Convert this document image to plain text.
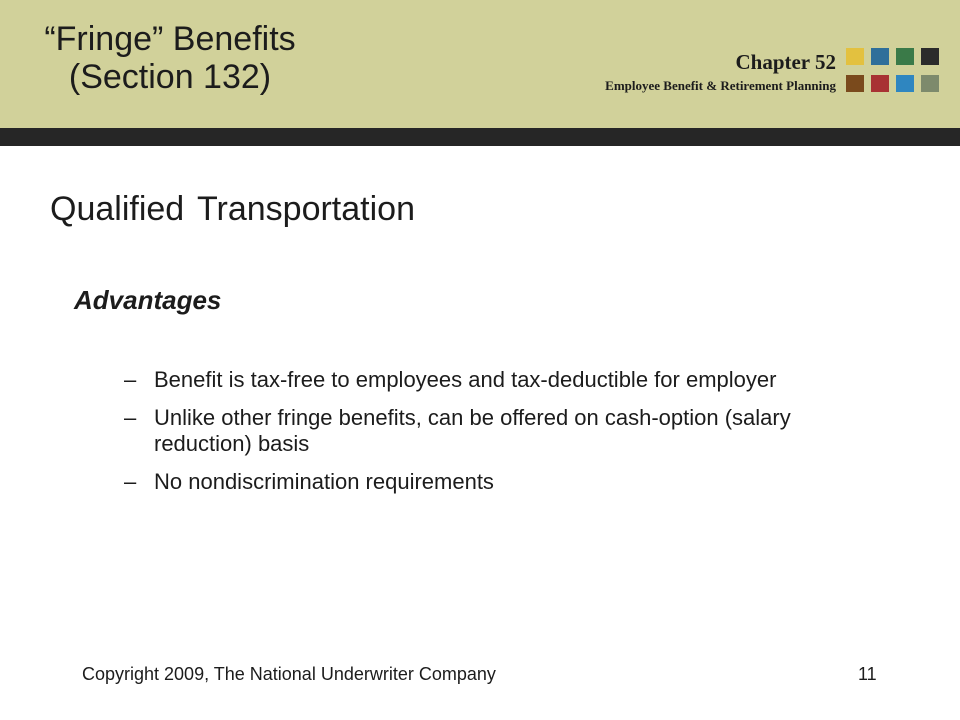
“Fringe” Benefits
(Section 132)	Chapter 52
Employee Benefit & Retirement Planning
Qualified Transportation
Advantages
– Benefit is tax-free to employees and tax-deductible for employer
– Unlike other fringe benefits, can be offered on cash-option (salary reduction) basis
– No nondiscrimination requirements
Copyright 2009, The National Underwriter Company	11
